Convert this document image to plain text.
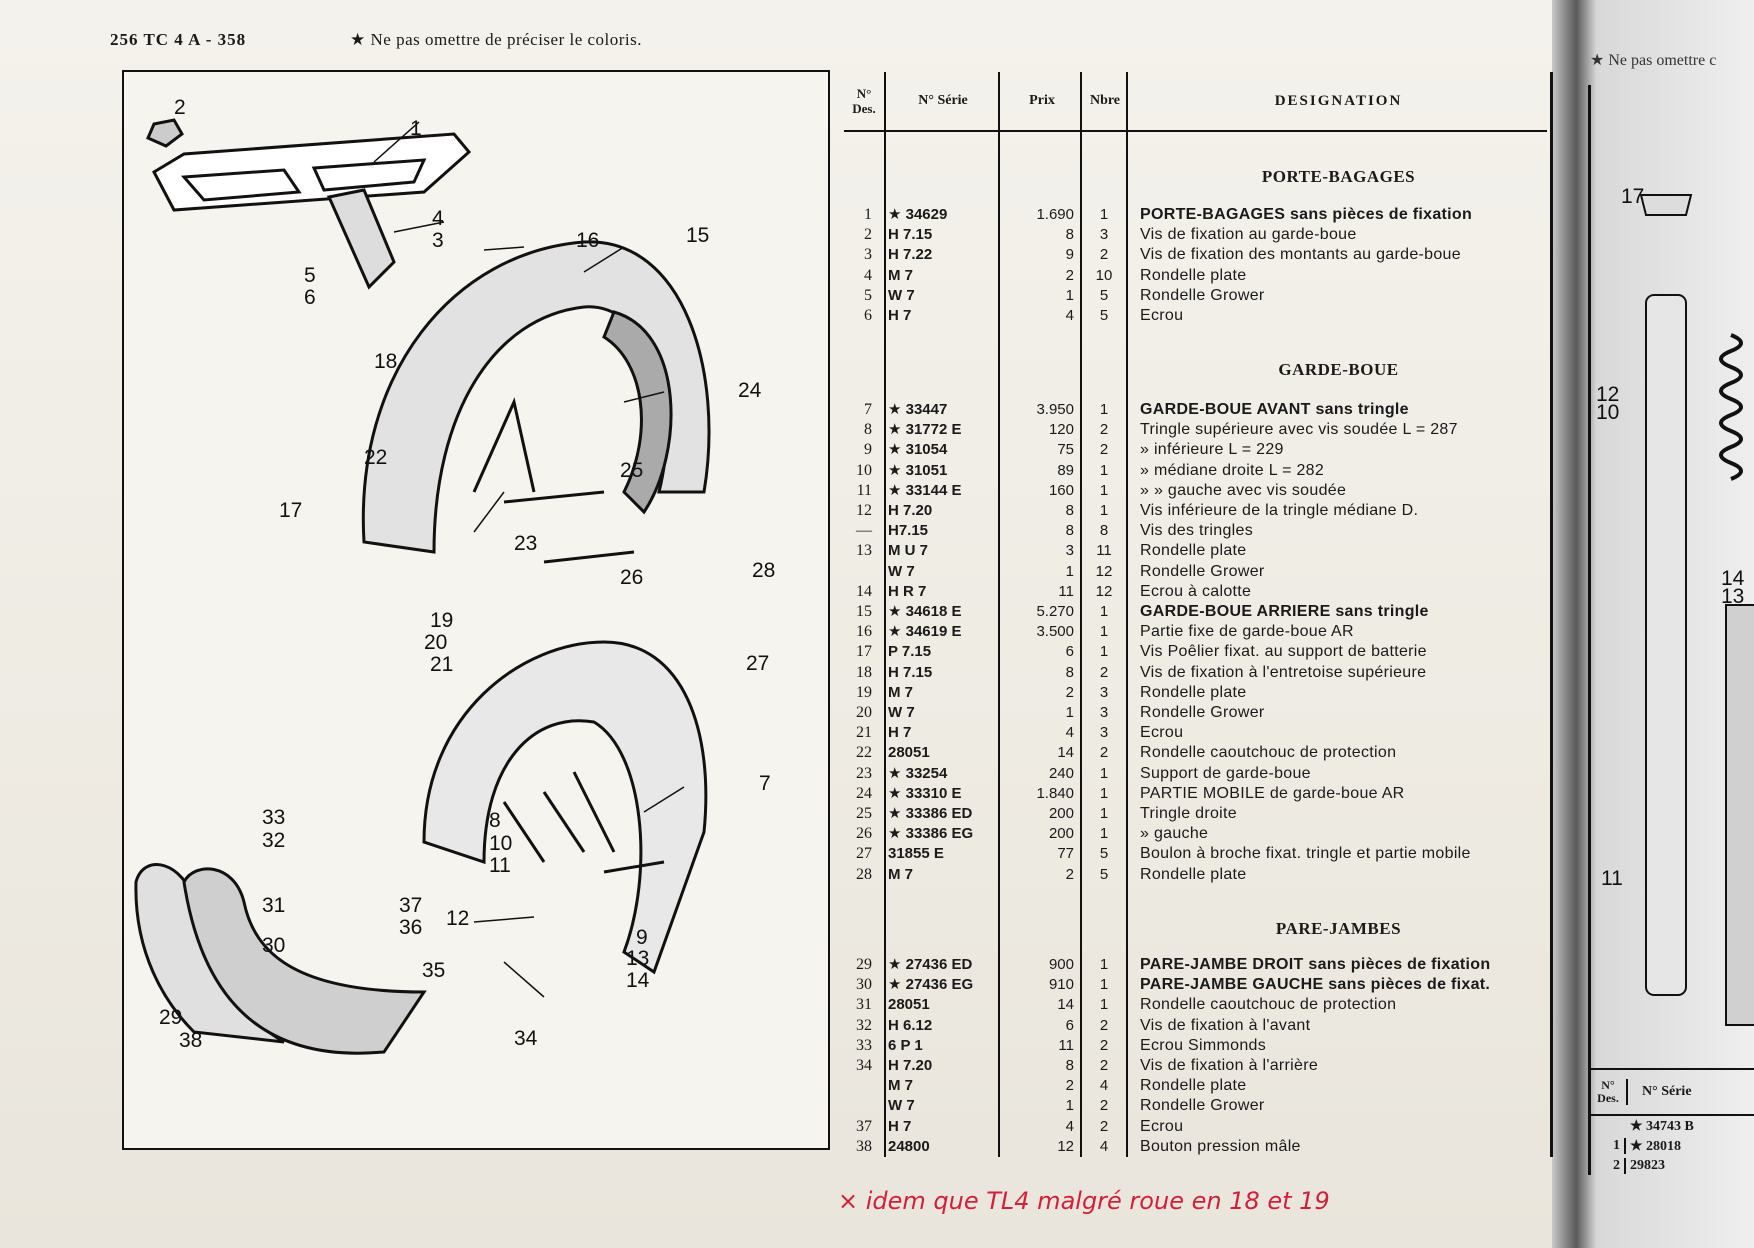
256 TC 4 A - 358	★ Ne pas omettre de préciser le coloris.
★ Ne pas omettre c
17
12
10
14
13
11
N° Des.	N° Série
★ 34743 B
1 ★ 28018
2 29823
1
2
3
4
5
6
7
8
9
10
11
12
13
14
15
16
17
18
19
20
21
22
23
24
25
26
27
28
29
30
31
32
33
34
35
36
37
38
N° Des.
N° Série	Prix	Nbre	DESIGNATION
PORTE-BAGAGES
1 ★ 34629	1.690	1	PORTE-BAGAGES sans pièces de fixation
2 H 7.15	8	3	Vis de fixation au garde-boue
3 H 7.22	9	2	Vis de fixation des montants au garde-boue
4 M 7	2	10	Rondelle plate
5 W 7	1	5	Rondelle Grower
6 H 7	4	5	Ecrou
GARDE-BOUE
7 ★ 33447	3.950	1	GARDE-BOUE AVANT sans tringle
8 ★ 31772 E	120	2	Tringle supérieure avec vis soudée L = 287
9 ★ 31054	75	2	» inférieure L = 229
10 ★ 31051	89	1	» médiane droite L = 282
11 ★ 33144 E	160	1	» » gauche avec vis soudée
12 H 7.20	8	1	Vis inférieure de la tringle médiane D.
— H7.15	8	8	Vis des tringles
13 M U 7	3	11	Rondelle plate
W 7	1	12	Rondelle Grower
14 H R 7	11	12	Ecrou à calotte
15 ★ 34618 E	5.270	1	GARDE-BOUE ARRIERE sans tringle
16 ★ 34619 E	3.500	1	Partie fixe de garde-boue AR
17 P 7.15	6	1	Vis Poêlier fixat. au support de batterie
18 H 7.15	8	2	Vis de fixation à l'entretoise supérieure
19 M 7	2	3	Rondelle plate
20 W 7	1	3	Rondelle Grower
21 H 7	4	3	Ecrou
22 28051	14	2	Rondelle caoutchouc de protection
23 ★ 33254	240	1	Support de garde-boue
24 ★ 33310 E	1.840	1	PARTIE MOBILE de garde-boue AR
25 ★ 33386 ED	200	1	Tringle droite
26 ★ 33386 EG	200	1	» gauche
27 31855 E	77	5	Boulon à broche fixat. tringle et partie mobile
28 M 7	2	5	Rondelle plate
PARE-JAMBES
29 ★ 27436 ED	900	1	PARE-JAMBE DROIT sans pièces de fixation
30 ★ 27436 EG	910	1	PARE-JAMBE GAUCHE sans pièces de fixat.
31 28051	14	1	Rondelle caoutchouc de protection
32 H 6.12	6	2	Vis de fixation à l'avant
33 6 P 1	11	2	Ecrou Simmonds
34 H 7.20	8	2	Vis de fixation à l'arrière
M 7	2	4	Rondelle plate
W 7	1	2	Rondelle Grower
37 H 7	4	2	Ecrou
38 24800	12	4	Bouton pression mâle
× idem que TL4 malgré roue en 18 et 19
